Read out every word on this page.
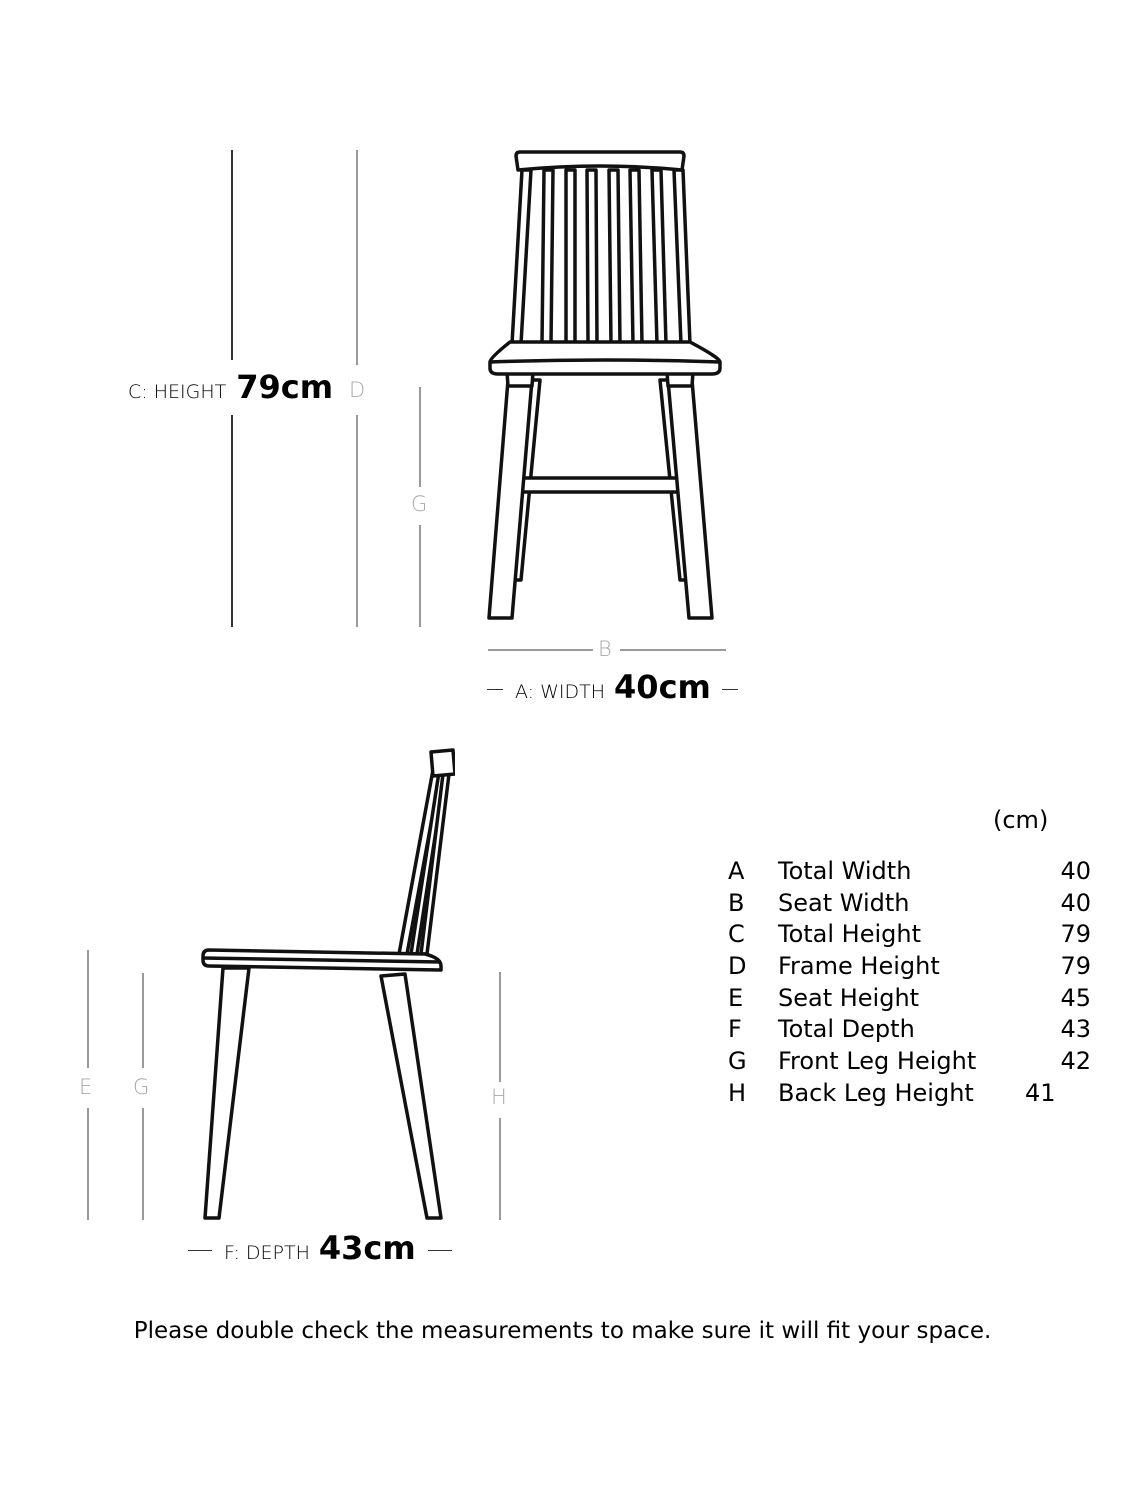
C: HEIGHT 79cm D
G
B
A: WIDTH 40cm
E G	H
F: DEPTH 43cm
(cm)
A	Total Width	40
B	Seat Width	40
C	Total Height	79
D	Frame Height	79
E	Seat Height	45
F	Total Depth	43
G	Front Leg Height	42
H	Back Leg Height	41
Please double check the measurements to make sure it will fit your space.
